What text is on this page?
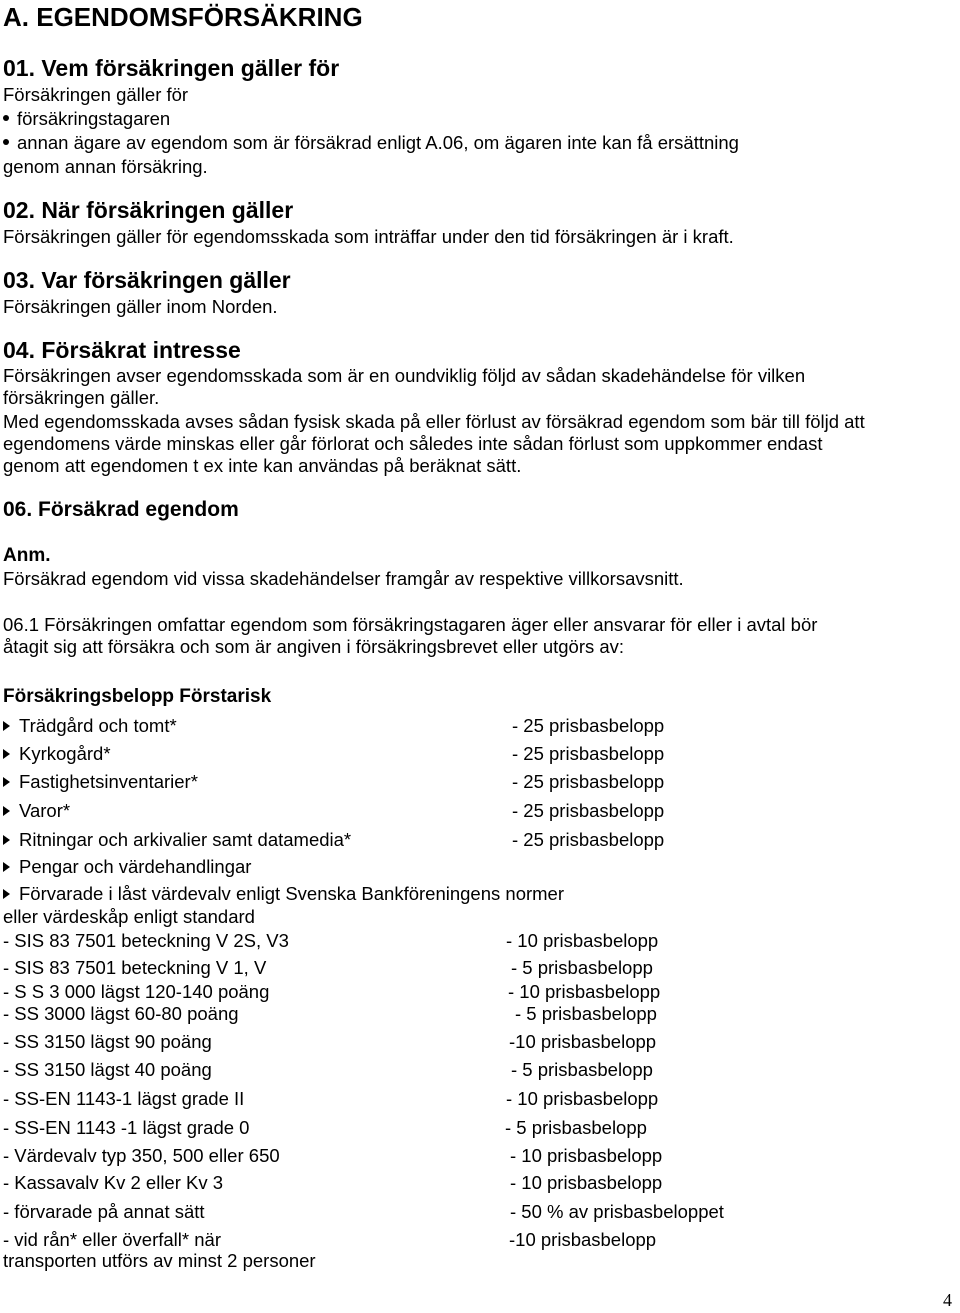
A. EGENDOMSFÖRSÄKRING
01. Vem försäkringen gäller för
Försäkringen gäller för
försäkringstagaren
annan ägare av egendom som är försäkrad enligt A.06, om ägaren inte kan få ersättning
genom annan försäkring.
02. När försäkringen gäller
Försäkringen gäller för egendomsskada som inträffar under den tid försäkringen är i kraft.
03. Var försäkringen gäller
Försäkringen gäller inom Norden.
04. Försäkrat intresse
Försäkringen avser egendomsskada som är en oundviklig följd av sådan skadehändelse för vilken
försäkringen gäller.
Med egendomsskada avses sådan fysisk skada på eller förlust av försäkrad egendom som bär till följd att
egendomens värde minskas eller går förlorat och således inte sådan förlust som uppkommer endast
genom att egendomen t ex inte kan användas på beräknat sätt.
06. Försäkrad egendom
Anm.
Försäkrad egendom vid vissa skadehändelser framgår av respektive villkorsavsnitt.
06.1 Försäkringen omfattar egendom som försäkringstagaren äger eller ansvarar för eller i avtal bör
åtagit sig att försäkra och som är angiven i försäkringsbrevet eller utgörs av:
Försäkringsbelopp Förstarisk
Trädgård och tomt*	- 25 prisbasbelopp
Kyrkogård*	- 25 prisbasbelopp
Fastighetsinventarier*	- 25 prisbasbelopp
Varor*	- 25 prisbasbelopp
Ritningar och arkivalier samt datamedia*	- 25 prisbasbelopp
Pengar och värdehandlingar
Förvarade i låst värdevalv enligt Svenska Bankföreningens normer
eller värdeskåp enligt standard
- SIS 83 7501 beteckning V 2S, V3	- 10 prisbasbelopp
- SIS 83 7501 beteckning V 1, V	- 5 prisbasbelopp
- S S 3 000 lägst 120-140 poäng	- 10 prisbasbelopp
- SS 3000 lägst 60-80 poäng	- 5 prisbasbelopp
- SS 3150 lägst 90 poäng	-10 prisbasbelopp
- SS 3150 lägst 40 poäng	- 5 prisbasbelopp
- SS-EN 1143-1 lägst grade II	- 10 prisbasbelopp
- SS-EN 1143 -1 lägst grade 0	- 5 prisbasbelopp
- Värdevalv typ 350, 500 eller 650	- 10 prisbasbelopp
- Kassavalv Kv 2 eller Kv 3	- 10 prisbasbelopp
- förvarade på annat sätt	- 50 % av prisbasbeloppet
- vid rån* eller överfall* när	-10 prisbasbelopp
transporten utförs av minst 2 personer
4
